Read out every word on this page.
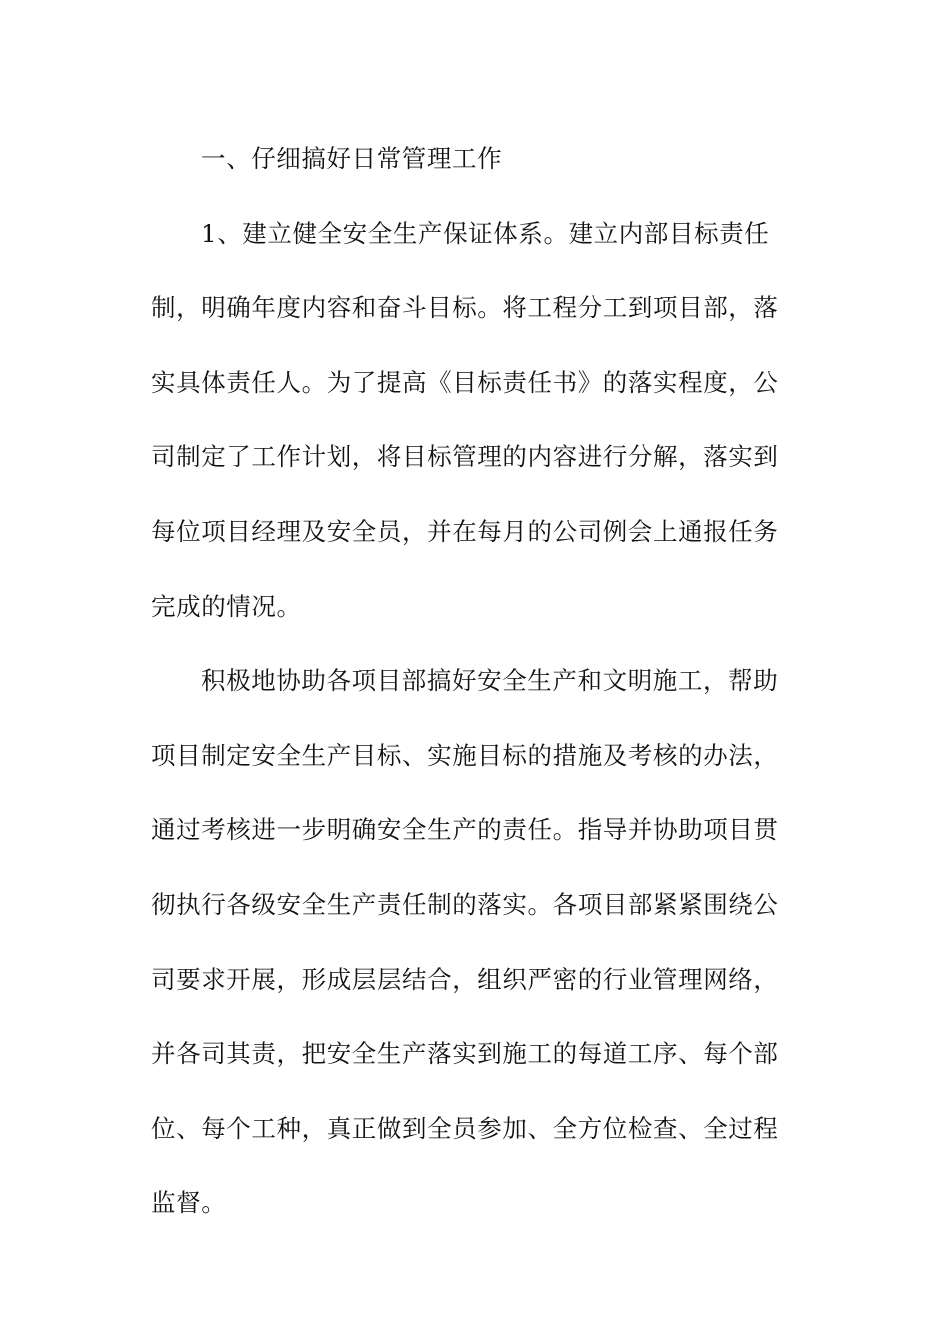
一、仔细搞好日常管理工作
1、建立健全安全生产保证体系。建立内部目标责任
制，明确年度内容和奋斗目标。将工程分工到项目部，落
实具体责任人。为了提高《目标责任书》的落实程度，公
司制定了工作计划，将目标管理的内容进行分解，落实到
每位项目经理及安全员，并在每月的公司例会上通报任务
完成的情况。
积极地协助各项目部搞好安全生产和文明施工，帮助
项目制定安全生产目标、实施目标的措施及考核的办法，
通过考核进一步明确安全生产的责任。指导并协助项目贯
彻执行各级安全生产责任制的落实。各项目部紧紧围绕公
司要求开展，形成层层结合，组织严密的行业管理网络，
并各司其责，把安全生产落实到施工的每道工序、每个部
位、每个工种，真正做到全员参加、全方位检查、全过程
监督。
